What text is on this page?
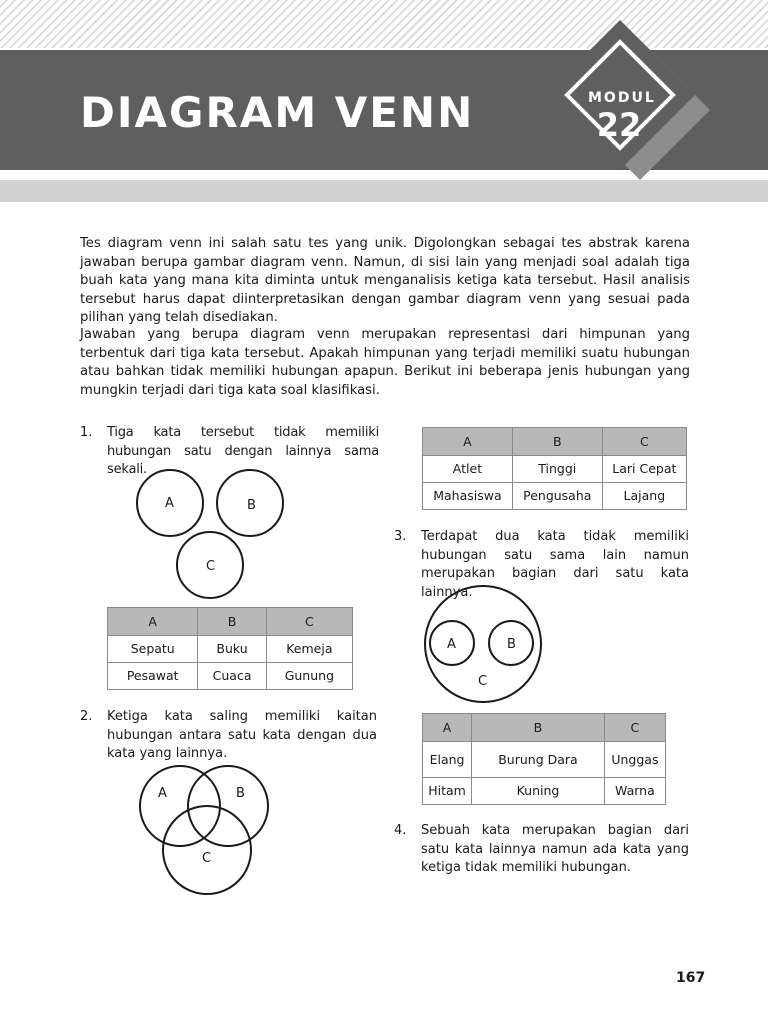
DIAGRAM VENN	MODUL
22

Tes diagram venn ini salah satu tes yang unik. Digolongkan sebagai tes abstrak karena jawaban berupa gambar diagram venn. Namun, di sisi lain yang menjadi soal adalah tiga buah kata yang mana kita diminta untuk menganalisis ketiga kata tersebut. Hasil analisis tersebut harus dapat diinterpretasikan dengan gambar diagram venn yang sesuai pada pilihan yang telah disediakan.

Jawaban yang berupa diagram venn merupakan representasi dari himpunan yang terbentuk dari tiga kata tersebut. Apakah himpunan yang terjadi memiliki suatu hubungan atau bahkan tidak memiliki hubungan apapun. Berikut ini beberapa jenis hubungan yang mungkin terjadi dari tiga kata soal klasifikasi.

1. Tiga kata tersebut tidak memiliki hubungan satu dengan lainnya sama sekali.
A	B
C
A	B	C
Sepatu	Buku	Kemeja
Pesawat	Cuaca	Gunung
2. Ketiga kata saling memiliki kaitan hubungan antara satu kata dengan dua kata yang lainnya.
A	B
C
A	B	C
Atlet	Tinggi	Lari Cepat
Mahasiswa	Pengusaha	Lajang
3. Terdapat dua kata tidak memiliki hubungan satu sama lain namun merupakan bagian dari satu kata lainnya.
A	B
C
A	B	C
Elang	Burung Dara	Unggas
Hitam	Kuning	Warna
4. Sebuah kata merupakan bagian dari satu kata lainnya namun ada kata yang ketiga tidak memiliki hubungan.
167
